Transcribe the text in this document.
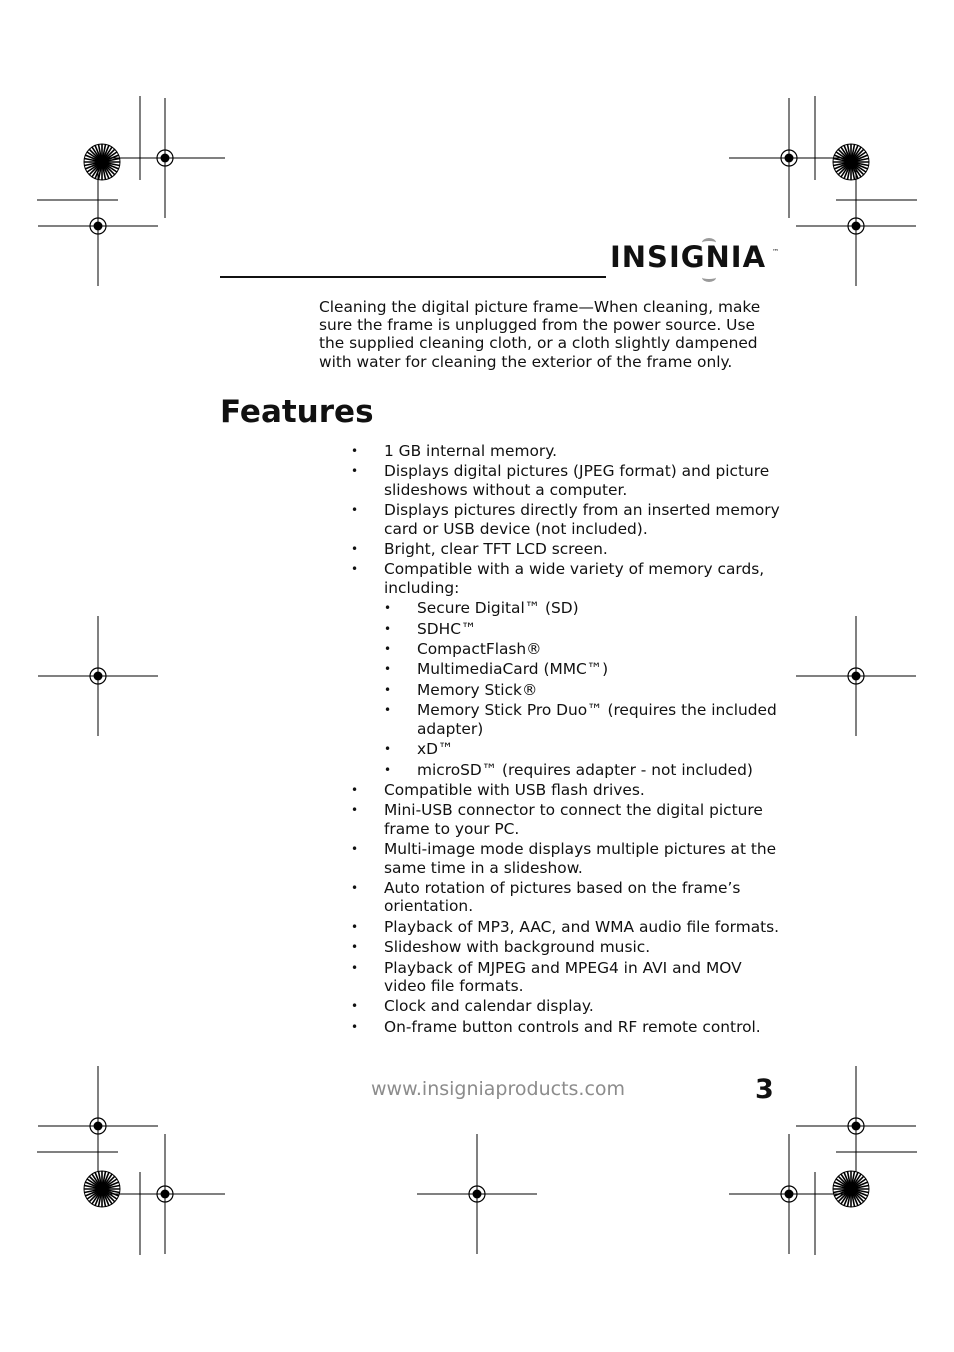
INSIGNIA ™

Cleaning the digital picture frame—When cleaning, make sure the frame is unplugged from the power source. Use the supplied cleaning cloth, or a cloth slightly dampened with water for cleaning the exterior of the frame only.

Features
• 1 GB internal memory.
• Displays digital pictures (JPEG format) and picture slideshows without a computer.
• Displays pictures directly from an inserted memory card or USB device (not included).
• Bright, clear TFT LCD screen.
• Compatible with a wide variety of memory cards, including:
• Secure Digital™ (SD)
• SDHC™
• CompactFlash®
• MultimediaCard (MMC™)
• Memory Stick®
• Memory Stick Pro Duo™ (requires the included adapter)
• xD™
• microSD™ (requires adapter - not included)
• Compatible with USB flash drives.
• Mini-USB connector to connect the digital picture frame to your PC.
• Multi-image mode displays multiple pictures at the same time in a slideshow.
• Auto rotation of pictures based on the frame’s orientation.
• Playback of MP3, AAC, and WMA audio file formats.
• Slideshow with background music.
• Playback of MJPEG and MPEG4 in AVI and MOV video file formats.
• Clock and calendar display.
• On-frame button controls and RF remote control.
www.insigniaproducts.com	3
